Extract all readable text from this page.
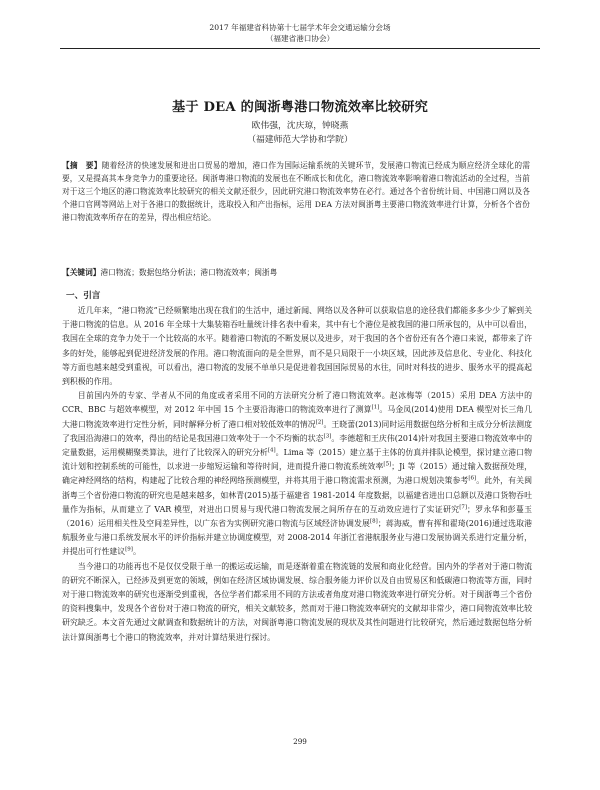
2017 年福建省科协第十七届学术年会交通运输分会场
（福建省港口协会）
基于 DEA 的闽浙粤港口物流效率比较研究
欧伟强，沈庆琼，钟晓燕
（福建师范大学协和学院）
【摘　要】随着经济的快速发展和进出口贸易的增加，港口作为国际运输系统的关键环节，发展港口物流已经成为顺应经济全球化的需要，又是提高其本身竞争力的重要途径。闽浙粤港口物流的发展也在不断成长和优化，港口物流效率影响着港口物流活动的全过程，当前对于这三个地区的港口物流效率比较研究的相关文献还很少，因此研究港口物流效率势在必行。通过各个省份统计局、中国港口网以及各个港口官网等网站上对于各港口的数据统计，选取投入和产出指标，运用 DEA 方法对闽浙粤主要港口物流效率进行计算，分析各个省份港口物流效率所存在的差异，得出相应结论。
【关键词】港口物流；数据包络分析法；港口物流效率；闽浙粤
一、引言

近几年来，“港口物流”已经频繁地出现在我们的生活中，通过新闻、网络以及各种可以获取信息的途径我们都能多多少少了解到关于港口物流的信息。从 2016 年全球十大集装箱吞吐量统计排名表中看来，其中有七个港位是被我国的港口所承包的，从中可以看出，我国在全球的竞争力处于一个比较高的水平。随着港口物流的不断发展以及进步，对于我国的各个省份还有各个港口来说，都带来了许多的好处，能够起到促进经济发展的作用。港口物流面向的是全世界，而不是只局限于一小块区域，因此涉及信息化、专业化、科技化等方面也越来越受到重视，可以看出，港口物流的发展不单单只是促进着我国国际贸易的水往，同时对科技的进步、服务水平的提高起到积极的作用。

目前国内外的专家、学者从不同的角度或者采用不同的方法研究分析了港口物流效率。赵冰梅等（2015）采用 DEA 方法中的 CCR、BBC 与超效率模型，对 2012 年中国 15 个主要沿海港口的物流效率进行了测算[1]。马金凤(2014)使用 DEA 模型对长三角几大港口物流效率进行定性分析，同时解释分析了港口相对较低效率的情况[2]。王晓蕾(2013)同时运用数据包络分析和主成分分析法测度了我国沿海港口的效率，得出的结论是我国港口效率处于一个不均衡的状态[3]。李德超和王庆伟(2014)针对我国主要港口物流效率中的定量数据，运用模糊聚类算法，进行了比较深入的研究分析[4]。Lima 等（2015）建立基于主体的仿真并排队论模型，探讨建立港口物流计划和控制系统的可能性，以求进一步缩短运输和等待时间，进而提升港口物流系统效率[5]；Ji 等（2015）通过输入数据预处理，确定神经网络的结构，构建起了比较合理的神经网络预测模型，并将其用于港口物流需求预测，为港口规划决策参考[6]。此外，有关闽浙粤三个省份港口物流的研究也是越来越多，如林青(2015)基于福建省 1981-2014 年度数据，以福建省进出口总额以及港口货物吞吐量作为指标，从而建立了 VAR 模型，对进出口贸易与现代港口物流发展之间所存在的互动效应进行了实证研究[7]；罗永华和彭蔓玉（2016）运用相关性及空间差异性，以广东省为实例研究港口物流与区域经济协调发展[8]；蒋海威，曹有挥和翟琦(2016)通过选取港航服务业与港口系统发展水平的评价指标并建立协调度模型，对 2008-2014 年浙江省港航服务业与港口发展协调关系进行定量分析，并提出可行性建议[9]。

当今港口的功能再也不是仅仅受限于单一的搬运或运输，而是逐渐着重在物流链的发展和商业化经营。国内外的学者对于港口物流的研究不断深入，已经涉及到更宽的领域，例如在经济区域协调发展、综合服务能力评价以及自由贸易区和低碳港口物流等方面，同时对于港口物流效率的研究也逐渐受到重视，各位学者们都采用不同的方法或者角度对港口物流效率进行研究分析。对于闽浙粤三个省份的资料搜集中，发现各个省份对于港口物流的研究，相关文献较多，然而对于港口物流效率研究的文献却非常少，港口间物流效率比较研究缺乏。本文首先通过文献调查和数据统计的方法，对闽浙粤港口物流发展的现状及其性问题进行比较研究，然后通过数据包络分析法计算闽浙粤七个港口的物流效率，并对计算结果进行探讨。

299
